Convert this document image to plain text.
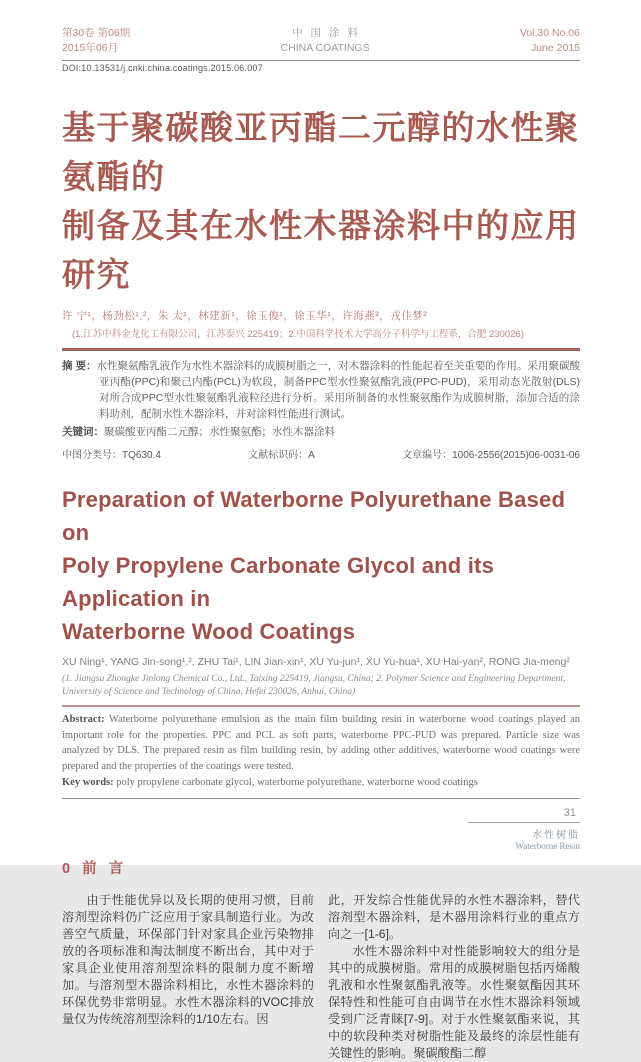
第30卷 第06期
2015年06月
中国涂料
CHINA COATINGS
Vol.30 No.06
June 2015
DOI:10.13531/j.cnki.china.coatings.2015.06.007
基于聚碳酸亚丙酯二元醇的水性聚氨酯的
制备及其在水性木器涂料中的应用研究
许 宁¹，杨劲松¹,²，朱 太¹，林建新¹，徐玉俊¹，徐玉华¹，许海燕²，戎佳梦²
(1.江苏中科金龙化工有限公司，江苏泰兴 225419；2.中国科学技术大学高分子科学与工程系，合肥 230026)

摘 要：水性聚氨酯乳液作为水性木器涂料的成膜树脂之一，对木器涂料的性能起着至关重要的作用。采用聚碳酸亚丙酯(PPC)和聚己内酯(PCL)为软段，制备PPC型水性聚氨酯乳液(PPC-PUD)，采用动态光散射(DLS)对所合成PPC型水性聚氨酯乳液粒径进行分析。采用所制备的水性聚氨酯作为成膜树脂，添加合适的涂料助剂，配制水性木器涂料，并对涂料性能进行测试。

关键词：聚碳酸亚丙酯二元醇；水性聚氨酯；水性木器涂料

中图分类号：TQ630.4	文献标识码：A	文章编号：1006-2556(2015)06-0031-06
Preparation of Waterborne Polyurethane Based on
Poly Propylene Carbonate Glycol and its Application in
Waterborne Wood Coatings
XU Ning¹, YANG Jin-song¹,², ZHU Tai¹, LIN Jian-xin¹, XU Yu-jun¹, XU Yu-hua¹, XU Hai-yan², RONG Jia-meng²
(1. Jiangsu Zhongke Jinlong Chemical Co., Ltd., Taixing 225419, Jiangsu, China; 2. Polymer Science and Engineering Department, University of Science and Technology of China, Hefei 230026, Anhui, China)

Abstract: Waterborne polyurethane emulsion as the main film building resin in waterborne wood coatings played an important role for the properties. PPC and PCL as soft parts, waterborne PPC-PUD was prepared. Particle size was analyzed by DLS. The prepared resin as film building resin, by adding other additives, waterborne wood coatings were prepared and the properties of the coatings were tested.

Key words: poly propylene carbonate glycol, waterborne polyurethane, waterborne wood coatings

0 前 言

由于性能优异以及长期的使用习惯，目前溶剂型涂料仍广泛应用于家具制造行业。为改善空气质量，环保部门针对家具企业污染物排放的各项标准和淘汰制度不断出台，其中对于家具企业使用溶剂型涂料的限制力度不断增加。与溶剂型木器涂料相比，水性木器涂料的环保优势非常明显。水性木器涂料的VOC排放量仅为传统溶剂型涂料的1/10左右。因

此，开发综合性能优异的水性木器涂料，替代溶剂型木器涂料，是木器用涂料行业的重点方向之一[1-6]。

水性木器涂料中对性能影响较大的组分是其中的成膜树脂。常用的成膜树脂包括丙烯酸乳液和水性聚氨酯乳液等。水性聚氨酯因其环保特性和性能可自由调节在水性木器涂料领域受到广泛青睐[7-9]。对于水性聚氨酯来说，其中的软段种类对树脂性能及最终的涂层性能有关键性的影响。聚碳酸酯二醇

31
水性树脂
Waterborne Resin
